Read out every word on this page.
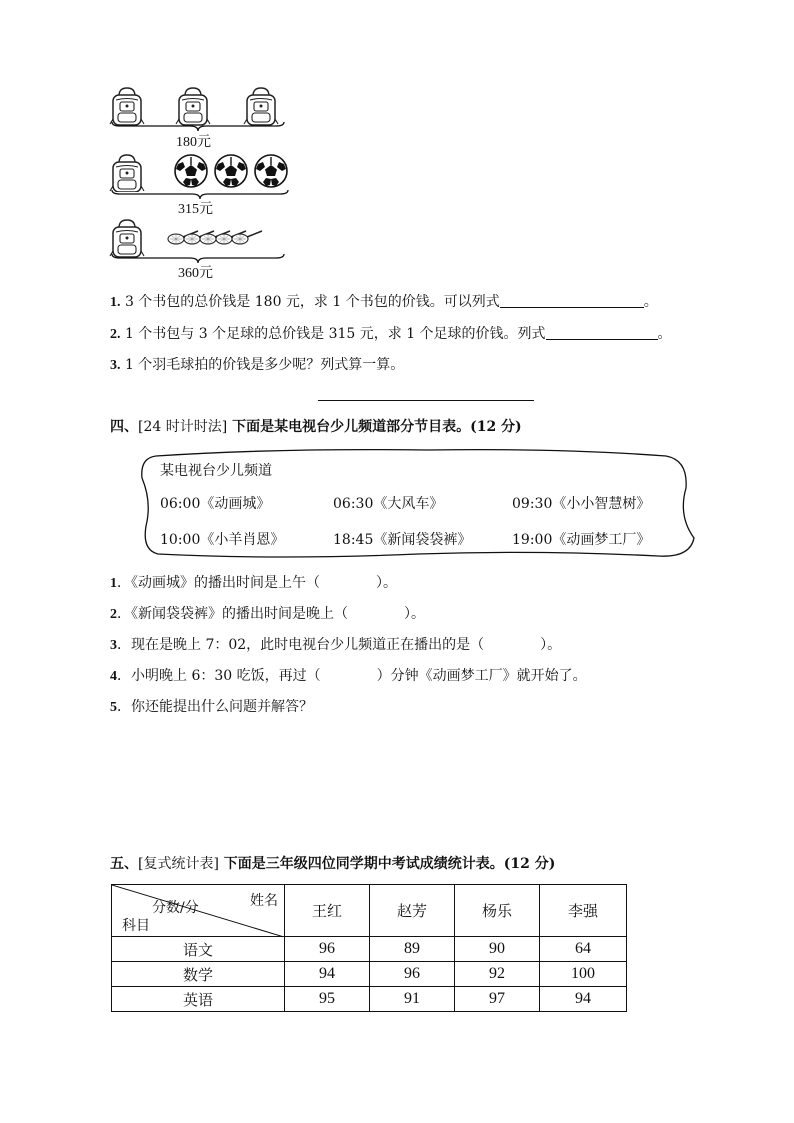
180元
315元
360元
1. 3 个书包的总价钱是 180 元，求 1 个书包的价钱。可以列式	。
2. 1 个书包与 3 个足球的总价钱是 315 元，求 1 个足球的价钱。列式	。
3. 1 个羽毛球拍的价钱是多少呢？列式算一算。
四、[24 时计时法] 下面是某电视台少儿频道部分节目表。(12 分)
某电视台少儿频道
06:00《动画城》	06:30《大风车》	09:30《小小智慧树》
10:00《小羊肖恩》	18:45《新闻袋袋裤》	19:00《动画梦工厂》
1．《动画城》的播出时间是上午（　　　　）。
2．《新闻袋袋裤》的播出时间是晚上（　　　　）。
3．现在是晚上 7：02，此时电视台少儿频道正在播出的是（　　　　）。
4．小明晚上 6：30 吃饭，再过（　　　　）分钟《动画梦工厂》就开始了。
5．你还能提出什么问题并解答？
五、[复式统计表] 下面是三年级四位同学期中考试成绩统计表。(12 分)
姓名
分数/分
科目	王红	赵芳	杨乐	李强
语文	96	89	90	64
数学	94	96	92	100
英语	95	91	97	94
